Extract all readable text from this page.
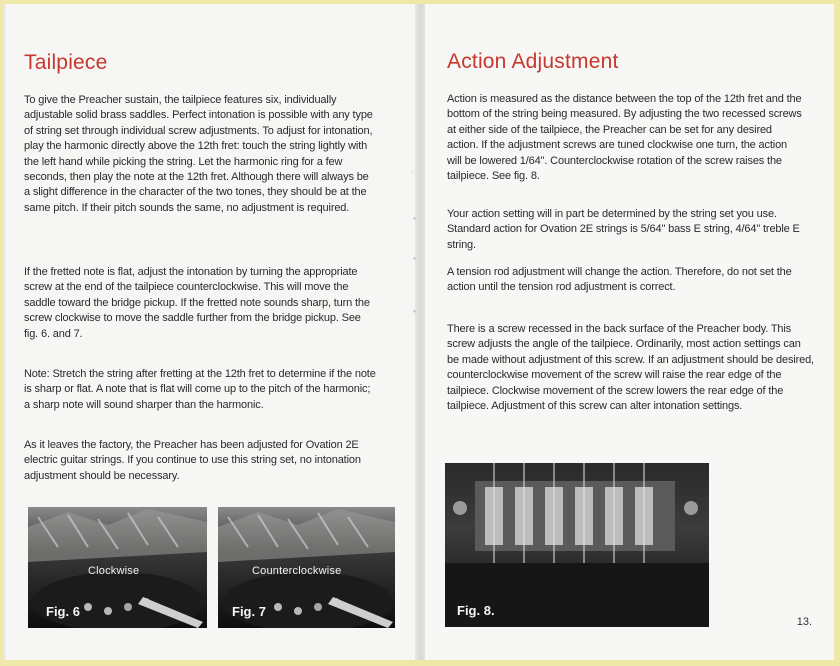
Tailpiece

To give the Preacher sustain, the tailpiece features six, individually adjustable solid brass saddles. Perfect intonation is possible with any type of string set through individual screw adjustments. To adjust for intonation, play the harmonic directly above the 12th fret: touch the string lightly with the left hand while picking the string. Let the harmonic ring for a few seconds, then play the note at the 12th fret. Although there will always be a slight difference in the character of the two tones, they should be at the same pitch. If their pitch sounds the same, no adjustment is required.

If the fretted note is flat, adjust the intonation by turning the appropriate screw at the end of the tailpiece counterclockwise. This will move the saddle toward the bridge pickup. If the fretted note sounds sharp, turn the screw clockwise to move the saddle further from the bridge pickup. See fig. 6. and 7.

Note: Stretch the string after fretting at the 12th fret to determine if the note is sharp or flat. A note that is flat will come up to the pitch of the harmonic; a sharp note will sound sharper than the harmonic.

As it leaves the factory, the Preacher has been adjusted for Ovation 2E electric guitar strings. If you continue to use this string set, no intonation adjustment should be necessary.

Clockwise
Fig. 6
Counterclockwise
Fig. 7
◦
•
•
•
Action Adjustment

Action is measured as the distance between the top of the 12th fret and the bottom of the string being measured. By adjusting the two recessed screws at either side of the tailpiece, the Preacher can be set for any desired action. If the adjustment screws are tuned clockwise one turn, the action will be lowered 1/64". Counterclockwise rotation of the screw raises the tailpiece. See fig. 8.

Your action setting will in part be determined by the string set you use. Standard action for Ovation 2E strings is 5/64" bass E string, 4/64" treble E string.

A tension rod adjustment will change the action. Therefore, do not set the action until the tension rod adjustment is correct.

There is a screw recessed in the back surface of the Preacher body. This screw adjusts the angle of the tailpiece. Ordinarily, most action settings can be made without adjustment of this screw. If an adjustment should be desired, counterclockwise movement of the screw will raise the rear edge of the tailpiece. Clockwise movement of the screw lowers the rear edge of the tailpiece. Adjustment of this screw can alter intonation settings.

Fig. 8.
13.
